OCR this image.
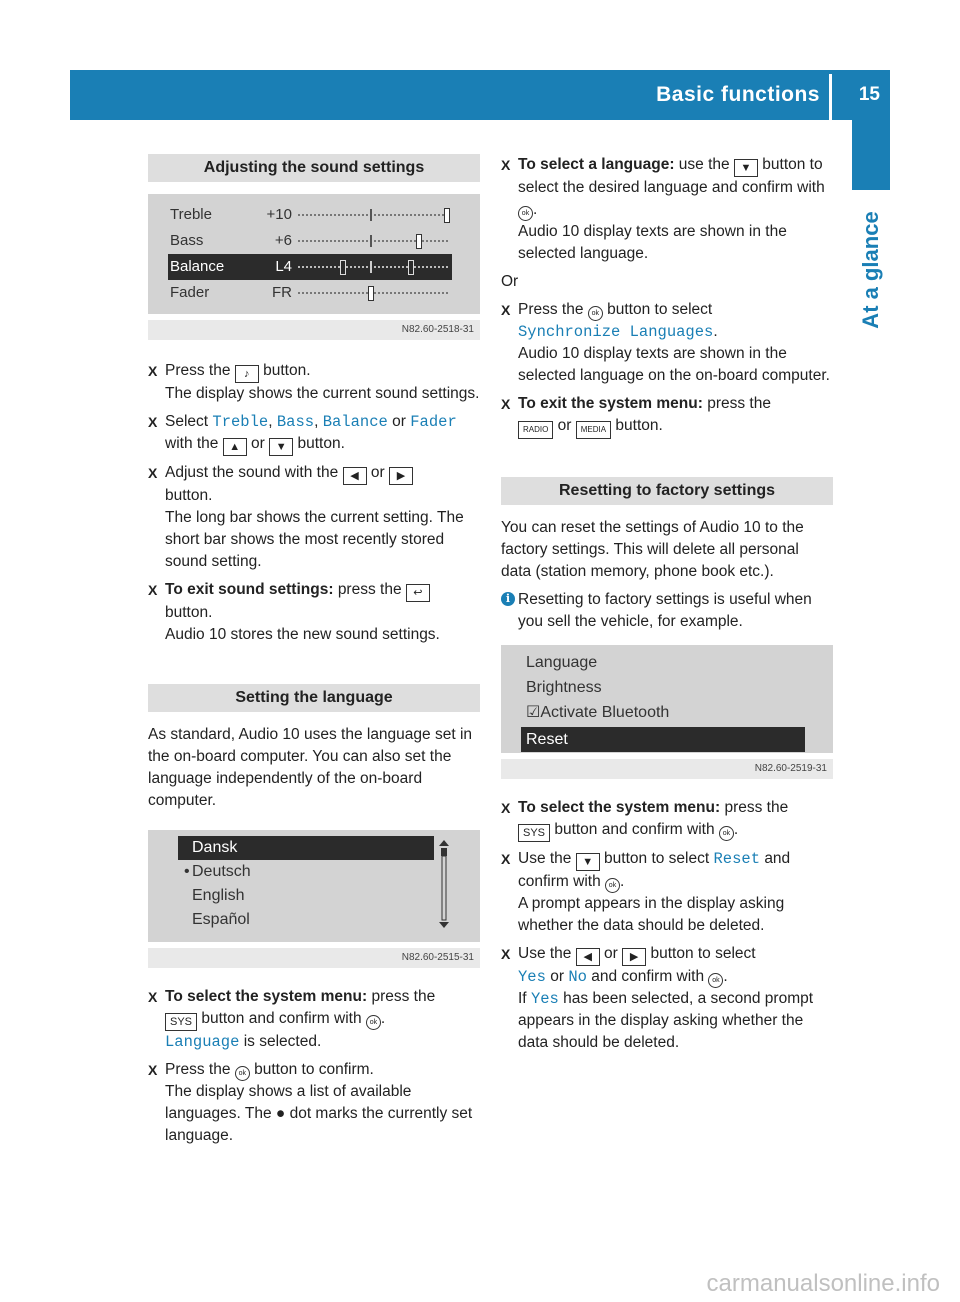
Basic functions 15
At a glance
Adjusting the sound settings
Treble	+10
Bass	+6
Balance	L4
Fader	FR
N82.60-2518-31
X Press the ♪ button.
The display shows the current sound settings.
X Select Treble, Bass, Balance or Fader
with the ▲ or ▼ button.
X Adjust the sound with the ◀ or ▶
button.
The long bar shows the current setting. The short bar shows the most recently stored sound setting.
X To exit sound settings: press the ↩
button.
Audio 10 stores the new sound settings.
Setting the language
As standard, Audio 10 uses the language set in the on-board computer. You can also set the language independently of the on-board computer.
Dansk
• Deutsch
English
Español
N82.60-2515-31
X To select the system menu: press the
SYS button and confirm with ok .
Language is selected.
X Press the ok button to confirm.
The display shows a list of available languages. The ● dot marks the currently set language.
X To select a language: use the ▼ button to select the desired language and confirm with ok .
Audio 10 display texts are shown in the selected language.
Or
X Press the ok button to select
Synchronize Languages.
Audio 10 display texts are shown in the selected language on the on-board computer.
X To exit the system menu: press the
RADIO or MEDIA button.
Resetting to factory settings
You can reset the settings of Audio 10 to the factory settings. This will delete all personal data (station memory, phone book etc.).
i Resetting to factory settings is useful when you sell the vehicle, for example.
Language
Brightness
☑Activate Bluetooth
Reset
N82.60-2519-31
X To select the system menu: press the
SYS button and confirm with ok .
X Use the ▼ button to select Reset and
confirm with ok .
A prompt appears in the display asking whether the data should be deleted.
X Use the ◀ or ▶ button to select
Yes or No and confirm with ok .
If Yes has been selected, a second prompt appears in the display asking whether the data should be deleted.
carmanualsonline.info
